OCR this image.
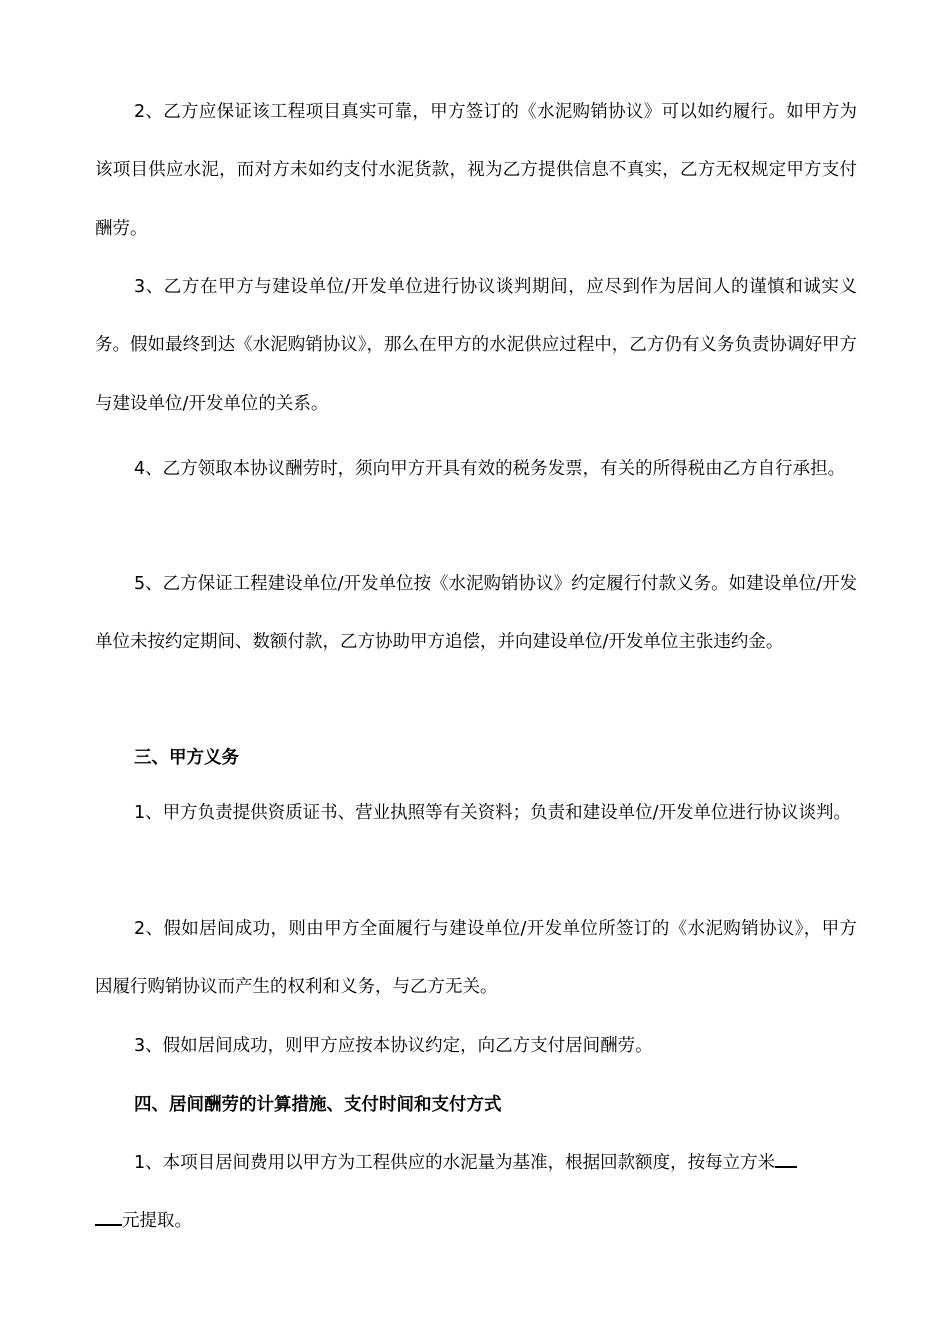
2、乙方应保证该工程项目真实可靠，甲方签订的《水泥购销协议》可以如约履行。如甲方为该项目供应水泥，而对方未如约支付水泥货款，视为乙方提供信息不真实，乙方无权规定甲方支付酬劳。

3、乙方在甲方与建设单位/开发单位进行协议谈判期间，应尽到作为居间人的谨慎和诚实义务。假如最终到达《水泥购销协议》，那么在甲方的水泥供应过程中，乙方仍有义务负责协调好甲方与建设单位/开发单位的关系。

4、乙方领取本协议酬劳时，须向甲方开具有效的税务发票，有关的所得税由乙方自行承担。

5、乙方保证工程建设单位/开发单位按《水泥购销协议》约定履行付款义务。如建设单位/开发单位未按约定期间、数额付款，乙方协助甲方追偿，并向建设单位/开发单位主张违约金。

三、甲方义务

1、甲方负责提供资质证书、营业执照等有关资料；负责和建设单位/开发单位进行协议谈判。

2、假如居间成功，则由甲方全面履行与建设单位/开发单位所签订的《水泥购销协议》，甲方因履行购销协议而产生的权利和义务，与乙方无关。

3、假如居间成功，则甲方应按本协议约定，向乙方支付居间酬劳。

四、居间酬劳的计算措施、支付时间和支付方式

1、本项目居间费用以甲方为工程供应的水泥量为基准，根据回款额度，按每立方米
元提取。
